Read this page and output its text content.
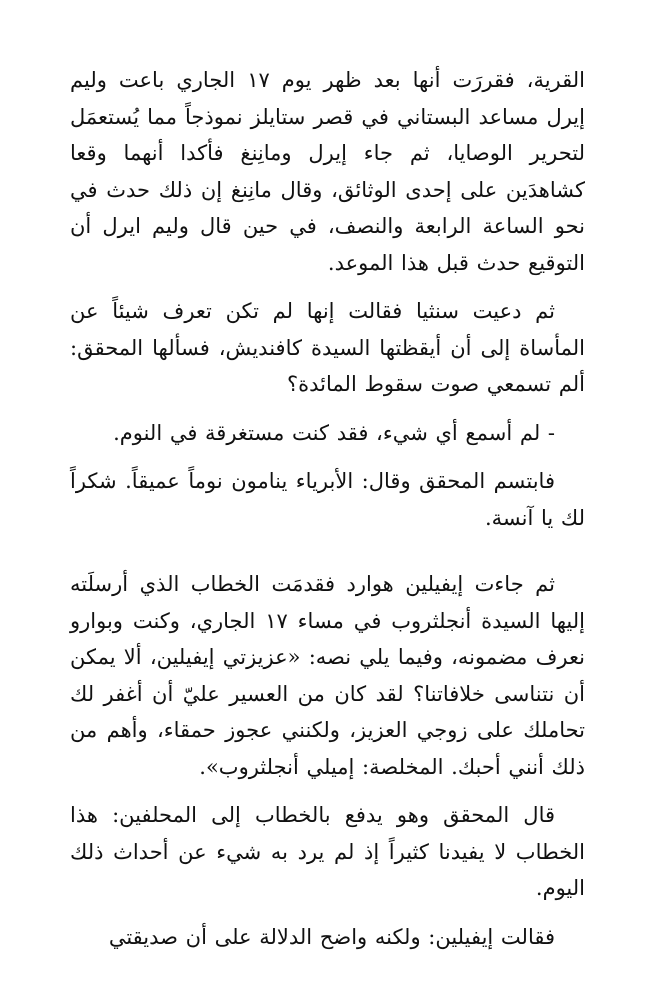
القرية، فقررَت أنها بعد ظهر يوم ١٧ الجاري باعت وليم إيرل مساعد البستاني في قصر ستايلز نموذجاً مما يُستعمَل لتحرير الوصايا، ثم جاء إيرل ومانِنغ فأكدا أنهما وقعا كشاهدَين على إحدى الوثائق، وقال مانِنغ إن ذلك حدث في نحو الساعة الرابعة والنصف، في حين قال وليم ايرل أن التوقيع حدث قبل هذا الموعد.

ثم دعيت سنثيا فقالت إنها لم تكن تعرف شيئاً عن المأساة إلى أن أيقظتها السيدة كافنديش، فسألها المحقق: ألم تسمعي صوت سقوط المائدة؟

- لم أسمع أي شيء، فقد كنت مستغرقة في النوم.

فابتسم المحقق وقال: الأبرياء ينامون نوماً عميقاً. شكراً لك يا آنسة.

ثم جاءت إيفيلين هوارد فقدمَت الخطاب الذي أرسلَته إليها السيدة أنجلثروب في مساء ١٧ الجاري، وكنت وبوارو نعرف مضمونه، وفيما يلي نصه: «عزيزتي إيفيلين، ألا يمكن أن نتناسى خلافاتنا؟ لقد كان من العسير عليّ أن أغفر لك تحاملك على زوجي العزيز، ولكنني عجوز حمقاء، وأهم من ذلك أنني أحبك. المخلصة: إميلي أنجلثروب».

قال المحقق وهو يدفع بالخطاب إلى المحلفين: هذا الخطاب لا يفيدنا كثيراً إذ لم يرد به شيء عن أحداث ذلك اليوم.

فقالت إيفيلين: ولكنه واضح الدلالة على أن صديقتي
